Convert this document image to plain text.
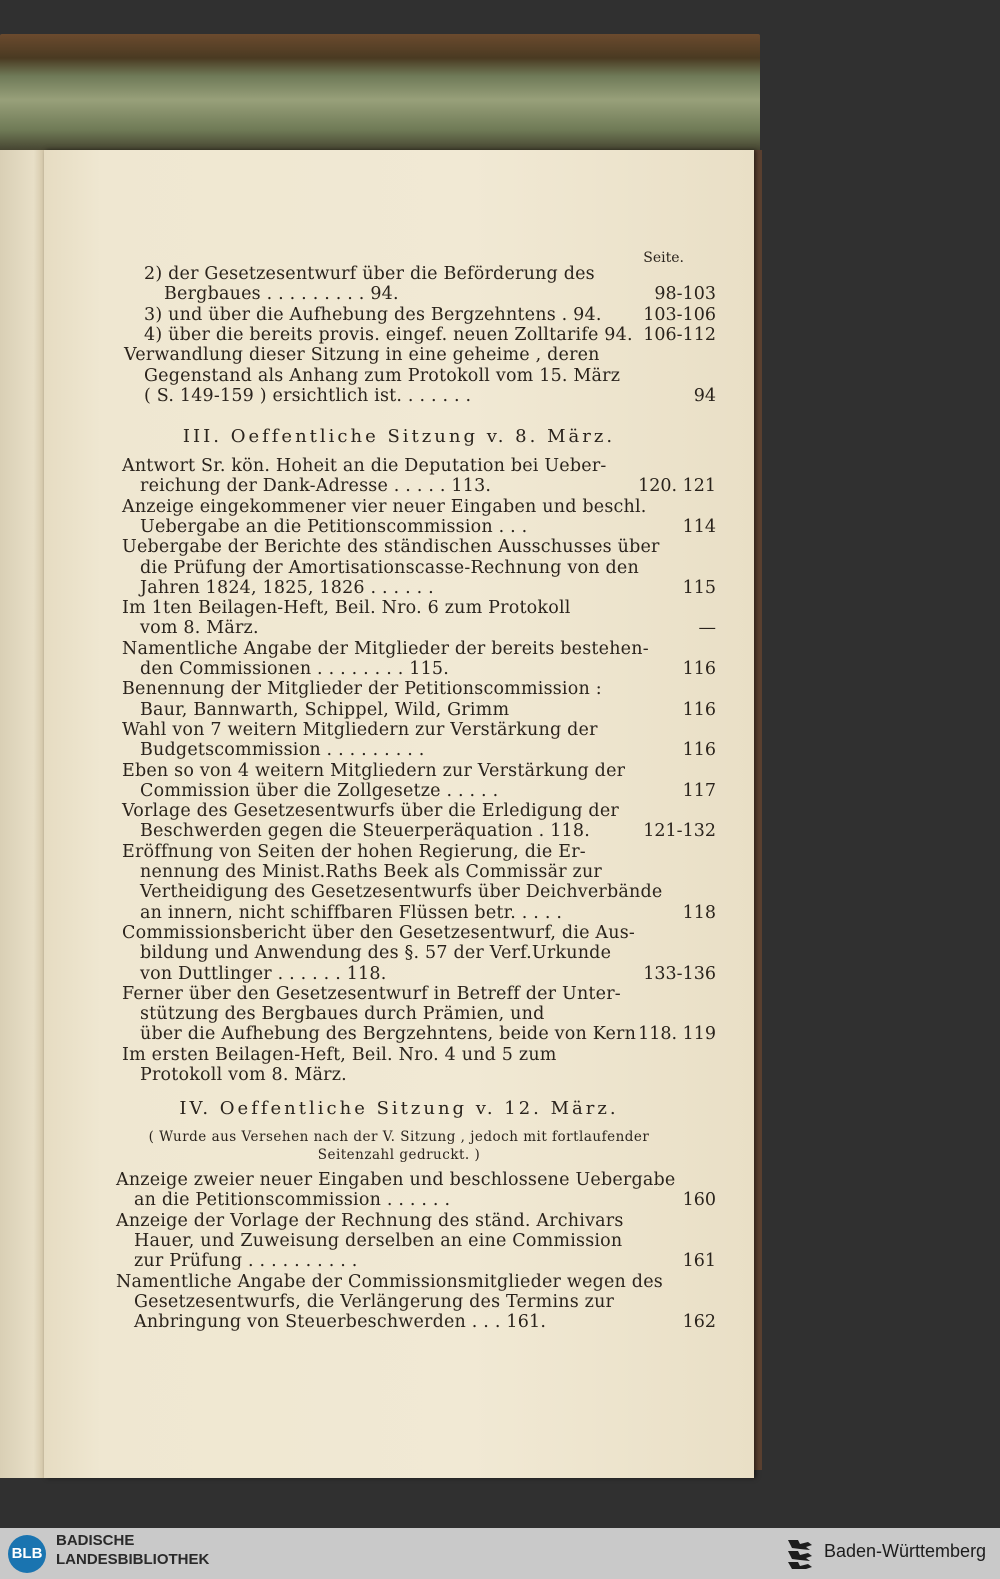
Seite.
2) der Gesetzesentwurf über die Beförderung des
Bergbaues . . . . . . . . . 94.	98-103
3) und über die Aufhebung des Bergzehntens . 94.	103-106
4) über die bereits provis. eingef. neuen Zolltarife 94. 106-112
Verwandlung dieser Sitzung in eine geheime , deren
Gegenstand als Anhang zum Protokoll vom 15. März
( S. 149-159 ) ersichtlich ist. . . . . . .	94
III. Oeffentliche Sitzung v. 8. März.
Antwort Sr. kön. Hoheit an die Deputation bei Ueber-
reichung der Dank-Adresse . . . . . 113.	120. 121
Anzeige eingekommener vier neuer Eingaben und beschl.
Uebergabe an die Petitionscommission . . .	114
Uebergabe der Berichte des ständischen Ausschusses über
die Prüfung der Amortisationscasse-Rechnung von den
Jahren 1824, 1825, 1826 . . . . . .	115
Im 1ten Beilagen-Heft, Beil. Nro. 6 zum Protokoll
vom 8. März.	—
Namentliche Angabe der Mitglieder der bereits bestehen-
den Commissionen . . . . . . . . 115.	116
Benennung der Mitglieder der Petitionscommission :
Baur, Bannwarth, Schippel, Wild, Grimm	116
Wahl von 7 weitern Mitgliedern zur Verstärkung der
Budgetscommission . . . . . . . . .	116
Eben so von 4 weitern Mitgliedern zur Verstärkung der
Commission über die Zollgesetze . . . . .	117
Vorlage des Gesetzesentwurfs über die Erledigung der
Beschwerden gegen die Steuerperäquation . 118.	121-132
Eröffnung von Seiten der hohen Regierung, die Er-
nennung des Minist.Raths Beek als Commissär zur
Vertheidigung des Gesetzesentwurfs über Deichverbände
an innern, nicht schiffbaren Flüssen betr. . . . .	118
Commissionsbericht über den Gesetzesentwurf, die Aus-
bildung und Anwendung des §. 57 der Verf.Urkunde
von Duttlinger . . . . . . 118.	133-136
Ferner über den Gesetzesentwurf in Betreff der Unter-
stützung des Bergbaues durch Prämien, und
über die Aufhebung des Bergzehntens, beide von Kern 118. 119
Im ersten Beilagen-Heft, Beil. Nro. 4 und 5 zum
Protokoll vom 8. März.
IV. Oeffentliche Sitzung v. 12. März.
( Wurde aus Versehen nach der V. Sitzung , jedoch mit fortlaufender
Seitenzahl gedruckt. )
Anzeige zweier neuer Eingaben und beschlossene Uebergabe
an die Petitionscommission . . . . . .	160
Anzeige der Vorlage der Rechnung des ständ. Archivars
Hauer, und Zuweisung derselben an eine Commission
zur Prüfung . . . . . . . . . .	161
Namentliche Angabe der Commissionsmitglieder wegen des
Gesetzesentwurfs, die Verlängerung des Termins zur
Anbringung von Steuerbeschwerden . . . 161.	162
BLB
BADISCHE
LANDESBIBLIOTHEK	Baden-Württemberg
